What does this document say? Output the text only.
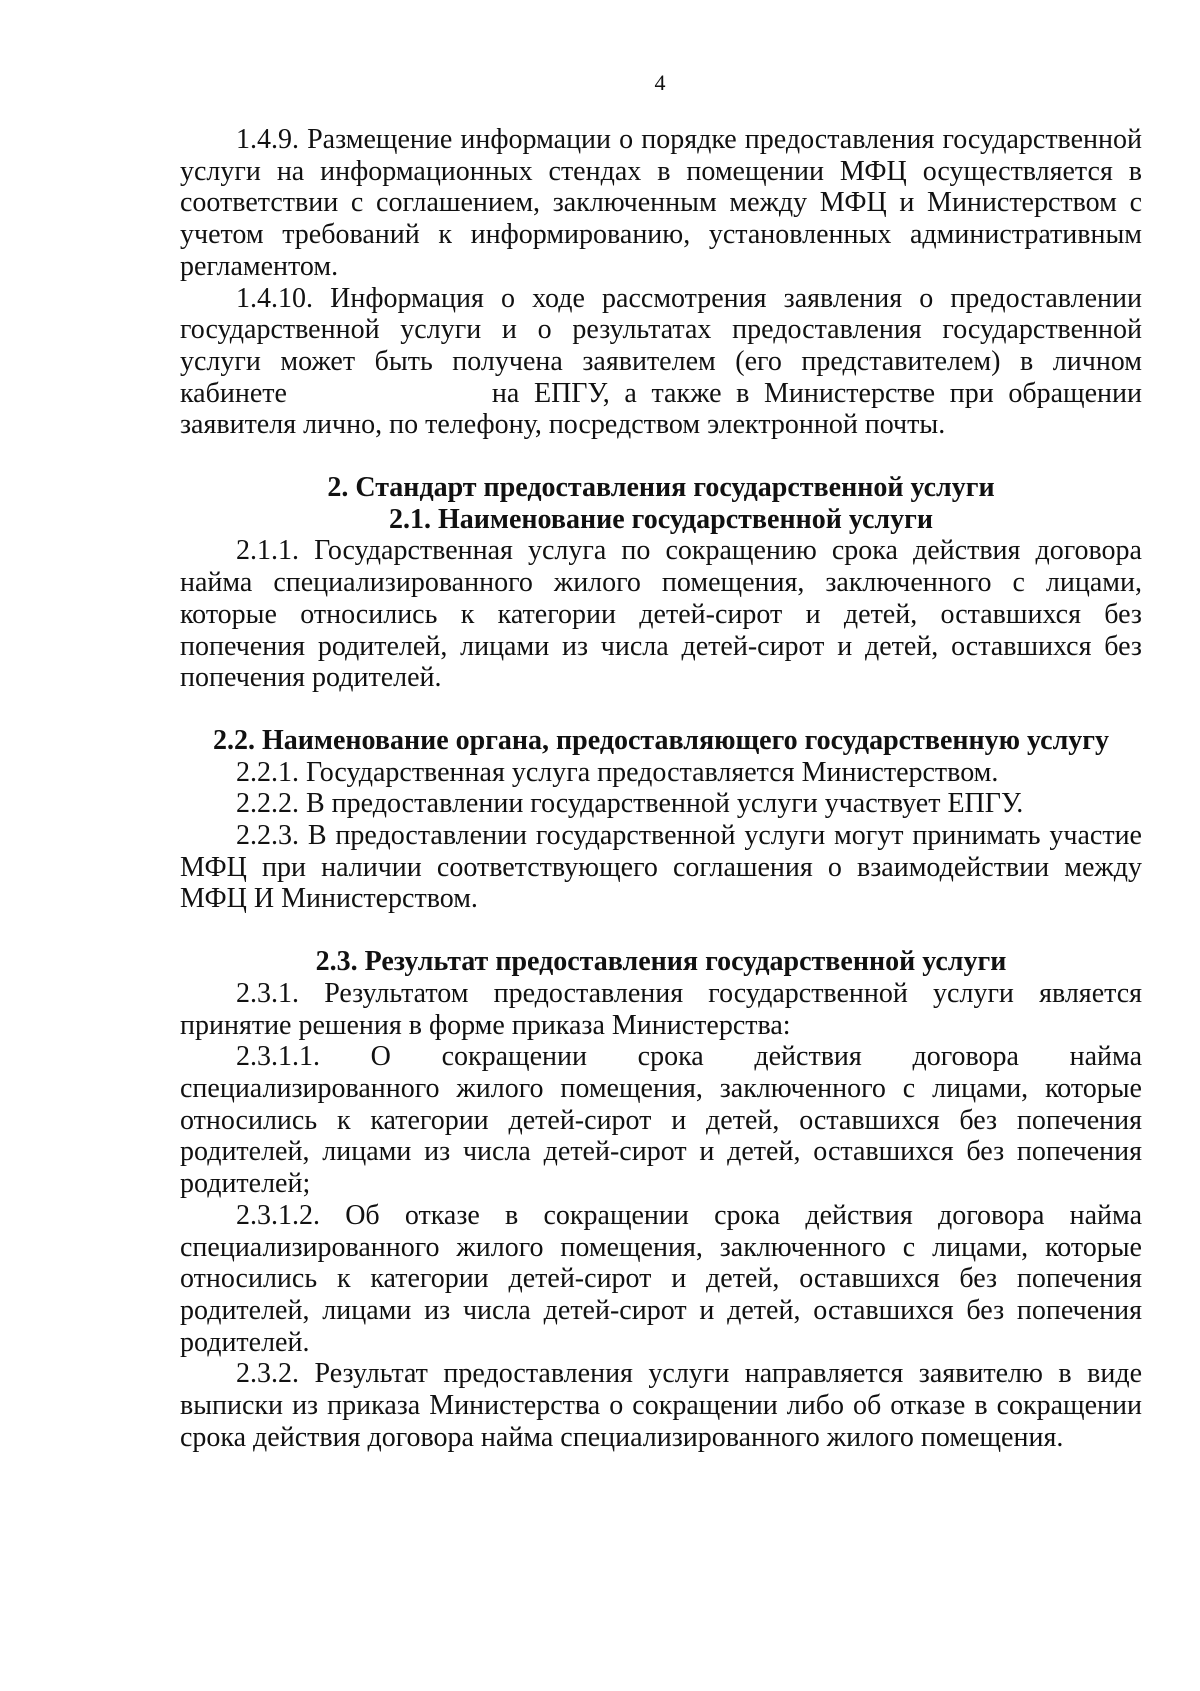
4

1.4.9. Размещение информации о порядке предоставления государственной услуги на информационных стендах в помещении МФЦ осуществляется в соответствии с соглашением, заключенным между МФЦ и Министерством с учетом требований к информированию, установленных административным регламентом.

1.4.10. Информация о ходе рассмотрения заявления о предоставлении государственной услуги и о результатах предоставления государственной услуги может быть получена заявителем (его представителем) в личном кабинете	на ЕПГУ, а также в Министерстве при обращении заявителя лично, по телефону, посредством электронной почты.

2. Стандарт предоставления государственной услуги

2.1. Наименование государственной услуги

2.1.1. Государственная услуга по сокращению срока действия договора найма специализированного жилого помещения, заключенного с лицами, которые относились к категории детей-сирот и детей, оставшихся без попечения родителей, лицами из числа детей-сирот и детей, оставшихся без попечения родителей.

2.2. Наименование органа, предоставляющего государственную услугу

2.2.1. Государственная услуга предоставляется Министерством.

2.2.2. В предоставлении государственной услуги участвует ЕПГУ.

2.2.3. В предоставлении государственной услуги могут принимать участие МФЦ при наличии соответствующего соглашения о взаимодействии между МФЦ И Министерством.

2.3. Результат предоставления государственной услуги

2.3.1. Результатом предоставления государственной услуги является принятие решения в форме приказа Министерства:

2.3.1.1. О сокращении срока действия договора найма специализированного жилого помещения, заключенного с лицами, которые относились к категории детей-сирот и детей, оставшихся без попечения родителей, лицами из числа детей-сирот и детей, оставшихся без попечения родителей;

2.3.1.2. Об отказе в сокращении срока действия договора найма специализированного жилого помещения, заключенного с лицами, которые относились к категории детей-сирот и детей, оставшихся без попечения родителей, лицами из числа детей-сирот и детей, оставшихся без попечения родителей.

2.3.2. Результат предоставления услуги направляется заявителю в виде выписки из приказа Министерства о сокращении либо об отказе в сокращении срока действия договора найма специализированного жилого помещения.
